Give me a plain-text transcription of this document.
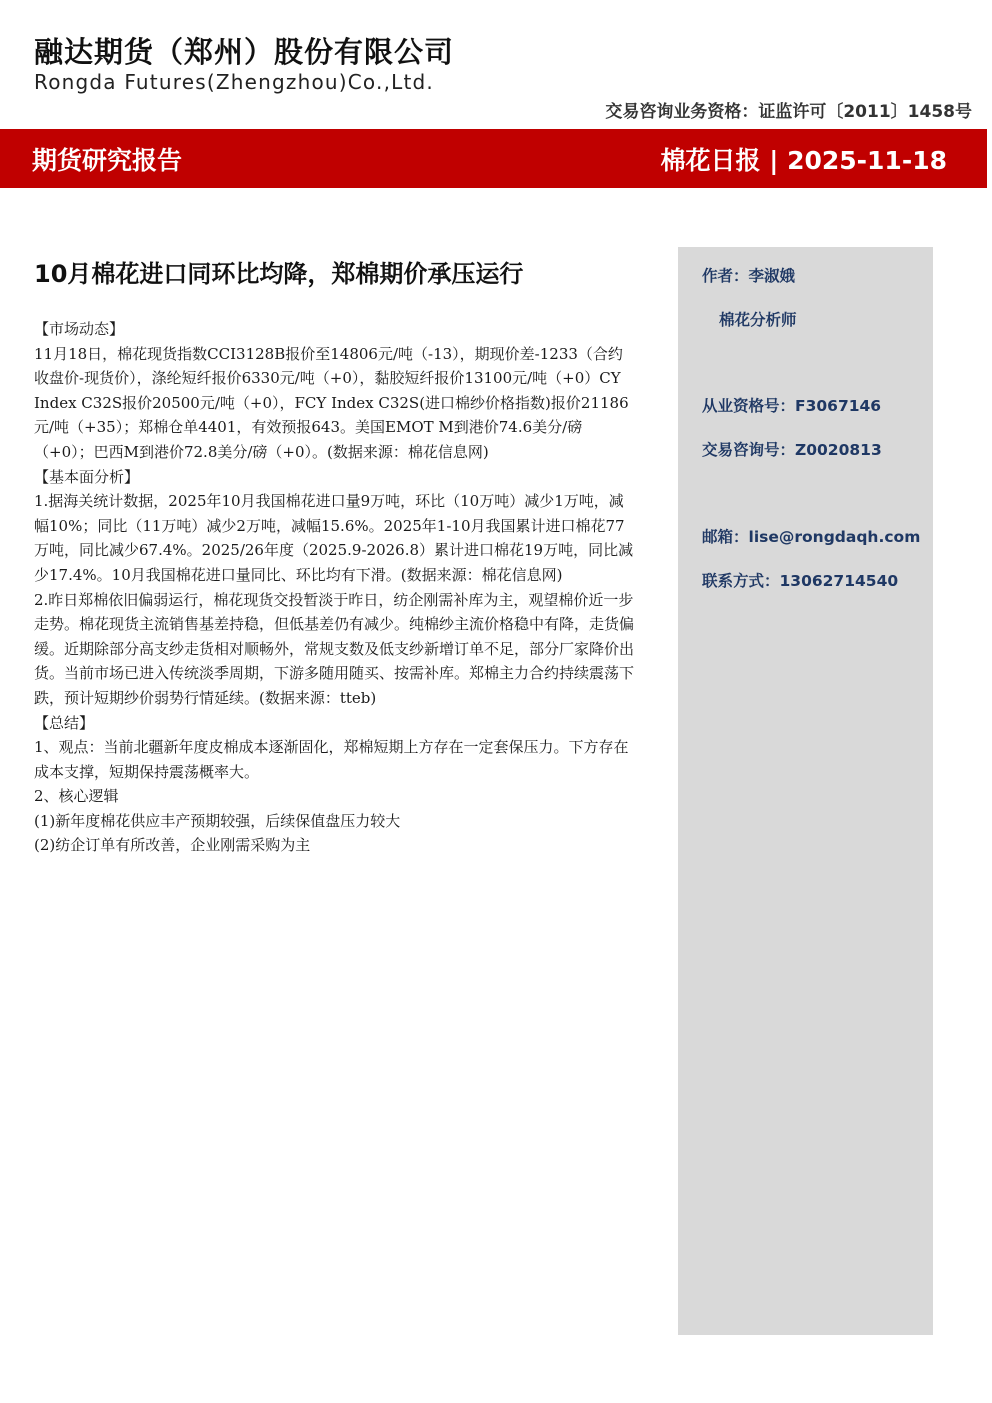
融达期货（郑州）股份有限公司
Rongda Futures(Zhengzhou)Co.,Ltd.
交易咨询业务资格：证监许可〔2011〕1458号
期货研究报告	棉花日报 | 2025-11-18
10月棉花进口同环比均降，郑棉期价承压运行

【市场动态】

11月18日，棉花现货指数CCI3128B报价至14806元/吨（-13），期现价差-1233（合约收盘价-现货价），涤纶短纤报价6330元/吨（+0），黏胶短纤报价13100元/吨（+0）CY Index C32S报价20500元/吨（+0），FCY Index C32S(进口棉纱价格指数)报价21186元/吨（+35）；郑棉仓单4401，有效预报643。美国EMOT M到港价74.6美分/磅（+0）；巴西M到港价72.8美分/磅（+0）。(数据来源：棉花信息网)

【基本面分析】

1.据海关统计数据，2025年10月我国棉花进口量9万吨，环比（10万吨）减少1万吨，减幅10%；同比（11万吨）减少2万吨，减幅15.6%。2025年1-10月我国累计进口棉花77万吨，同比减少67.4%。2025/26年度（2025.9-2026.8）累计进口棉花19万吨，同比减少17.4%。10月我国棉花进口量同比、环比均有下滑。(数据来源：棉花信息网)

2.昨日郑棉依旧偏弱运行，棉花现货交投暂淡于昨日，纺企刚需补库为主，观望棉价近一步走势。棉花现货主流销售基差持稳，但低基差仍有减少。纯棉纱主流价格稳中有降，走货偏缓。近期除部分高支纱走货相对顺畅外，常规支数及低支纱新增订单不足，部分厂家降价出货。当前市场已进入传统淡季周期，下游多随用随买、按需补库。郑棉主力合约持续震荡下跌，预计短期纱价弱势行情延续。(数据来源：tteb)

【总结】

1、观点：当前北疆新年度皮棉成本逐渐固化，郑棉短期上方存在一定套保压力。下方存在成本支撑，短期保持震荡概率大。

2、核心逻辑

(1)新年度棉花供应丰产预期较强，后续保值盘压力较大

(2)纺企订单有所改善，企业刚需采购为主

作者：李淑娥
棉花分析师
从业资格号：F3067146
交易咨询号：Z0020813
邮箱：lise@rongdaqh.com
联系方式：13062714540
